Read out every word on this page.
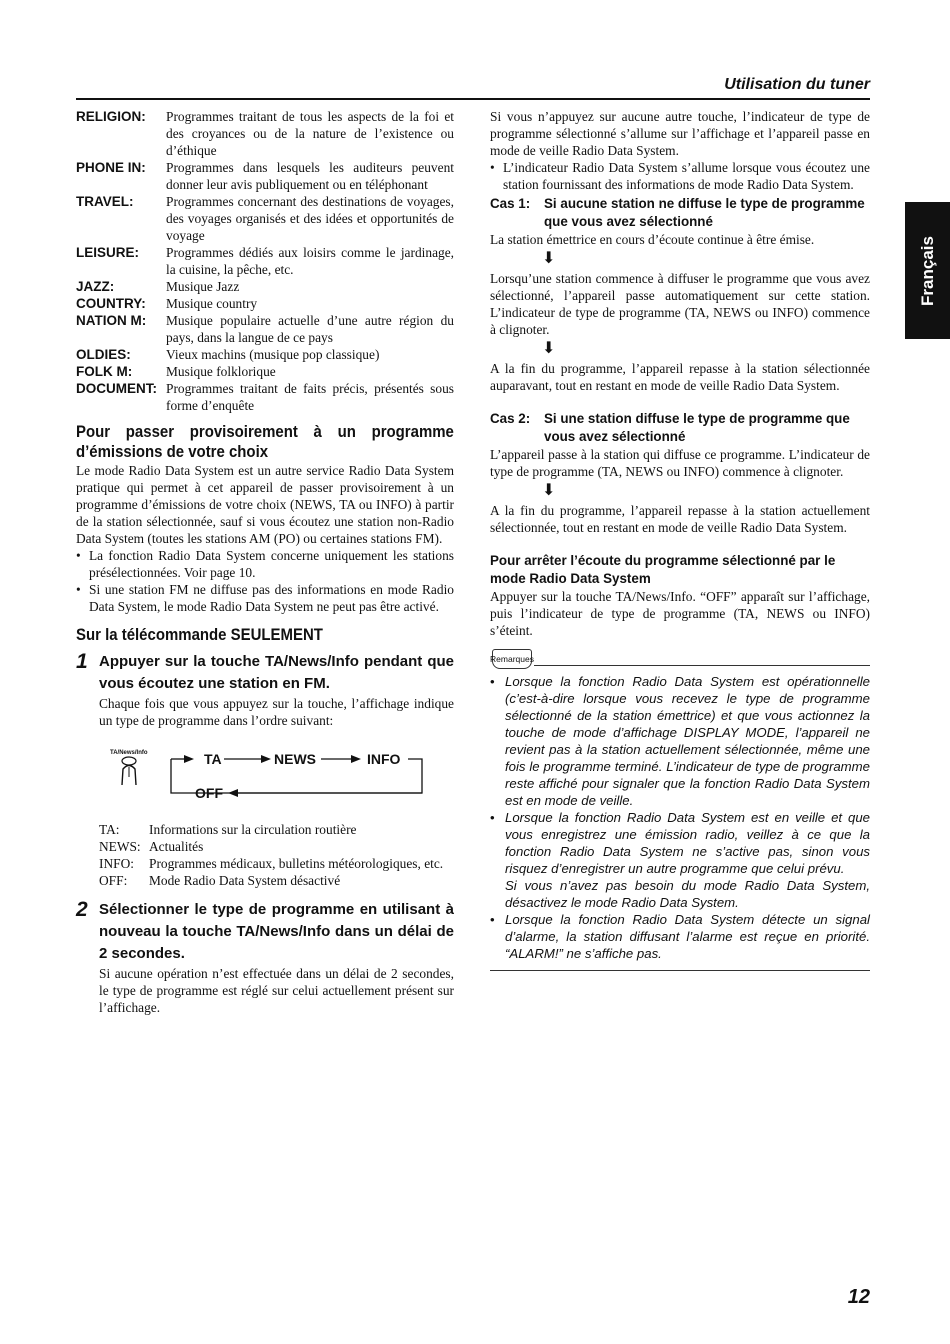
Utilisation du tuner
Français
RELIGION:	Programmes traitant de tous les aspects de la foi et des croyances ou de la nature de l’existence ou d’éthique
PHONE IN:	Programmes dans lesquels les auditeurs peuvent donner leur avis publiquement ou en téléphonant
TRAVEL:	Programmes concernant des destinations de voyages, des voyages organisés et des idées et opportunités de voyage
LEISURE:	Programmes dédiés aux loisirs comme le jardinage, la cuisine, la pêche, etc.
JAZZ:	Musique Jazz
COUNTRY:	Musique country
NATION M:	Musique populaire actuelle d’une autre région du pays, dans la langue de ce pays
OLDIES:	Vieux machins (musique pop classique)
FOLK M:	Musique folklorique
DOCUMENT: Programmes traitant de faits précis, présentés sous forme d’enquête
Pour passer provisoirement à un programme d’émissions de votre choix

Le mode Radio Data System est un autre service Radio Data System pratique qui permet à cet appareil de passer provisoirement à un programme d’émissions de votre choix (NEWS, TA ou INFO) à partir de la station sélectionnée, sauf si vous écoutez une station non-Radio Data System (toutes les stations AM (PO) ou certaines stations FM).

• La fonction Radio Data System concerne uniquement les stations présélectionnées. Voir page 10.
• Si une station FM ne diffuse pas des informations en mode Radio Data System, le mode Radio Data System ne peut pas être activé.
Sur la télécommande SEULEMENT
1 Appuyer sur la touche TA/News/Info pendant que vous écoutez une station en FM.

Chaque fois que vous appuyez sur la touche, l’affichage indique un type de programme dans l’ordre suivant:

TA/News/Info	TA	NEWS	INFO
OFF
TA:	Informations sur la circulation routière
NEWS: Actualités
INFO:	Programmes médicaux, bulletins météorologiques, etc.
OFF:	Mode Radio Data System désactivé
2 Sélectionner le type de programme en utilisant à nouveau la touche TA/News/Info dans un délai de 2 secondes.

Si aucune opération n’est effectuée dans un délai de 2 secondes, le type de programme est réglé sur celui actuellement présent sur l’affichage.

Si vous n’appuyez sur aucune autre touche, l’indicateur de type de programme sélectionné s’allume sur l’affichage et l’appareil passe en mode de veille Radio Data System.

• L’indicateur Radio Data System s’allume lorsque vous écoutez une station fournissant des informations de mode Radio Data System.
Cas 1:	Si aucune station ne diffuse le type de programme que vous avez sélectionné

La station émettrice en cours d’écoute continue à être émise.

⬇

Lorsqu’une station commence à diffuser le programme que vous avez sélectionné, l’appareil passe automatiquement sur cette station. L’indicateur de type de programme (TA, NEWS ou INFO) commence à clignoter.

⬇

A la fin du programme, l’appareil repasse à la station sélectionnée auparavant, tout en restant en mode de veille Radio Data System.

Cas 2:	Si une station diffuse le type de programme que vous avez sélectionné

L’appareil passe à la station qui diffuse ce programme. L’indicateur de type de programme (TA, NEWS ou INFO) commence à clignoter.

⬇

A la fin du programme, l’appareil repasse à la station actuellement sélectionnée, tout en restant en mode de veille Radio Data System.

Pour arrêter l’écoute du programme sélectionné par le mode Radio Data System

Appuyer sur la touche TA/News/Info. “OFF” apparaît sur l’affichage, puis l’indicateur de type de programme (TA, NEWS ou INFO) s’éteint.

Remarques
• Lorsque la fonction Radio Data System est opérationnelle (c’est-à-dire lorsque vous recevez le type de programme sélectionné de la station émettrice) et que vous actionnez la touche de mode d’affichage DISPLAY MODE, l’appareil ne revient pas à la station actuellement sélectionnée, même une fois le programme terminé. L’indicateur de type de programme reste affiché pour signaler que la fonction Radio Data System est en mode de veille.
• Lorsque la fonction Radio Data System est en veille et que vous enregistrez une émission radio, veillez à ce que la fonction Radio Data System ne s’active pas, sinon vous risquez d’enregistrer un autre programme que celui prévu.
Si vous n’avez pas besoin du mode Radio Data System, désactivez le mode Radio Data System.
• Lorsque la fonction Radio Data System détecte un signal d’alarme, la station diffusant l’alarme est reçue en priorité. “ALARM!” ne s’affiche pas.
12
